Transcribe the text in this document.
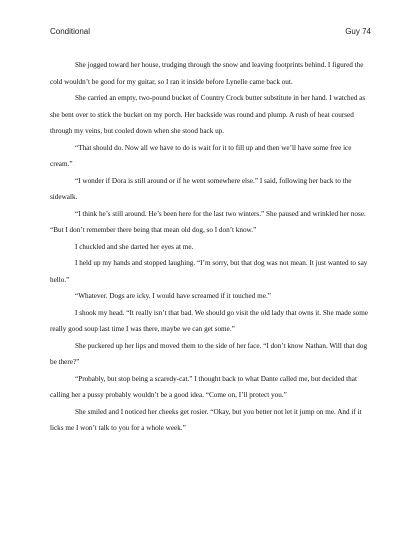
Conditional	Guy 74

She jogged toward her house, trudging through the snow and leaving footprints behind. I figured the cold wouldn’t be good for my guitar, so I ran it inside before Lynelle came back out.

She carried an empty, two-pound bucket of Country Crock butter substitute in her hand. I watched as she bent over to stick the bucket on my porch. Her backside was round and plump. A rush of heat coursed through my veins, but cooled down when she stood back up.

“That should do. Now all we have to do is wait for it to fill up and then we’ll have some free ice cream.”

“I wonder if Dora is still around or if he went somewhere else.” I said, following her back to the sidewalk.

“I think he’s still around. He’s been here for the last two winters.” She paused and wrinkled her nose. “But I don’t remember there being that mean old dog, so I don’t know.”

I chuckled and she darted her eyes at me.

I held up my hands and stopped laughing. “I’m sorry, but that dog was not mean. It just wanted to say hello.”

“Whatever. Dogs are icky. I would have screamed if it touched me.”

I shook my head. “It really isn’t that bad. We should go visit the old lady that owns it. She made some really good soup last time I was there, maybe we can get some.”

She puckered up her lips and moved them to the side of her face. “I don’t know Nathan. Will that dog be there?”

“Probably, but stop being a scaredy-cat.” I thought back to what Dante called me, but decided that calling her a pussy probably wouldn’t be a good idea. “Come on, I’ll protect you.”

She smiled and I noticed her cheeks get rosier. “Okay, but you better not let it jump on me. And if it licks me I won’t talk to you for a whole week.”
